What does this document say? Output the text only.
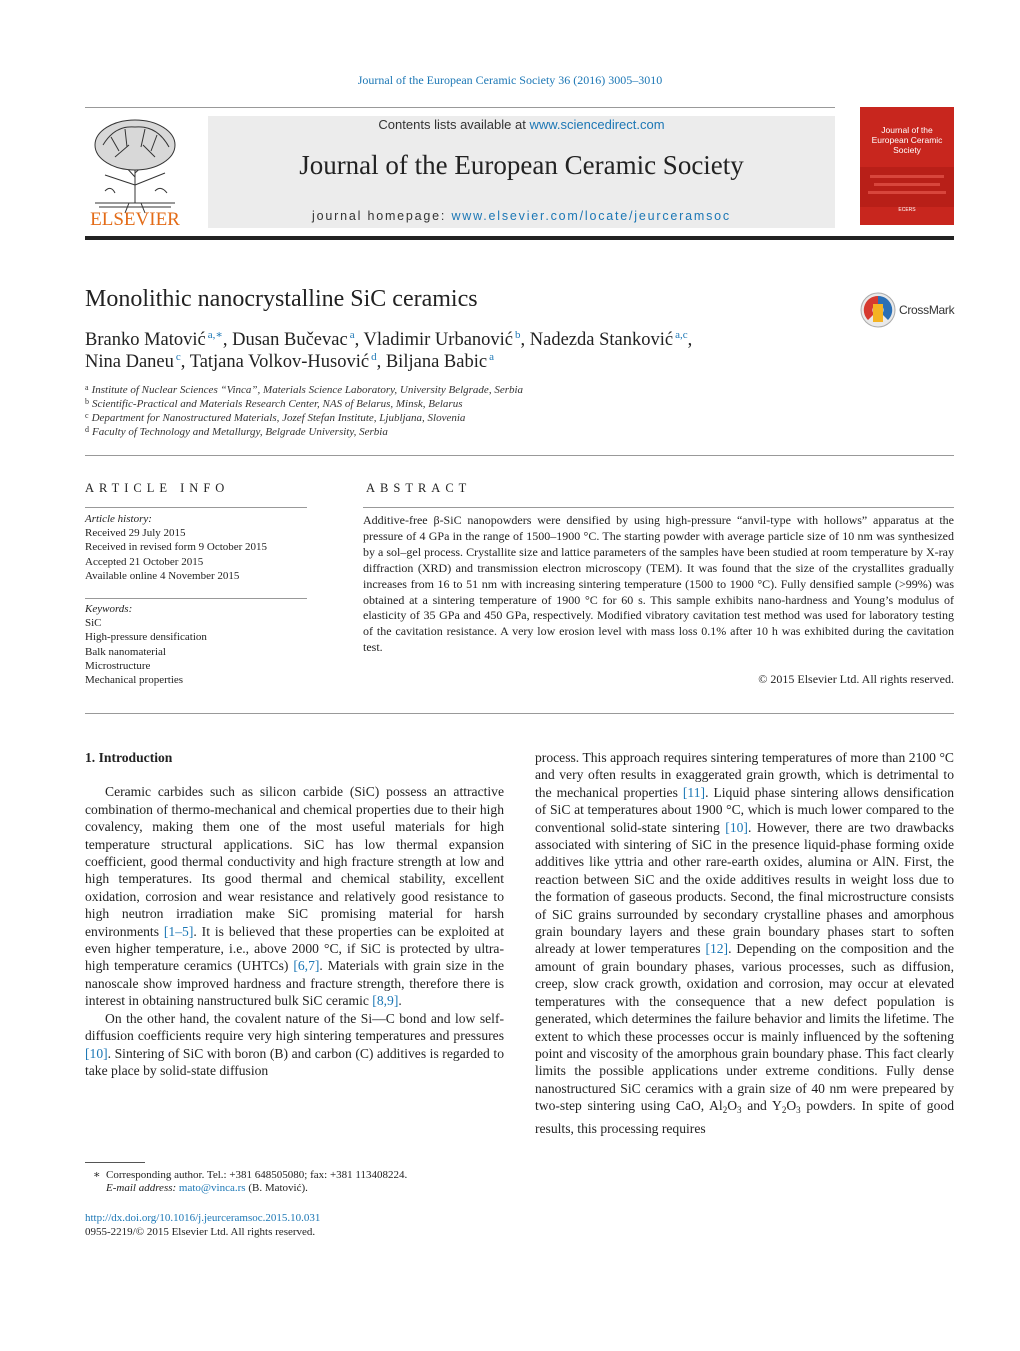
Journal of the European Ceramic Society 36 (2016) 3005–3010
ELSEVIER
Contents lists available at www.sciencedirect.com
Journal of the European Ceramic Society
journal homepage: www.elsevier.com/locate/jeurceramsoc
Journal of the European Ceramic Society
ECERS
Monolithic nanocrystalline SiC ceramics	CrossMark
Branko Matović $^{a,∗}$, Dusan Bučevac $^a$, Vladimir Urbanović $^b$, Nadezda Stanković $^{a,c}$,
Nina Daneu $^c$, Tatjana Volkov-Husović $^d$, Biljana Babic $^a$
$^a$ Institute of Nuclear Sciences “Vinca”, Materials Science Laboratory, University Belgrade, Serbia
$^b$ Scientific-Practical and Materials Research Center, NAS of Belarus, Minsk, Belarus
$^c$ Department for Nanostructured Materials, Jozef Stefan Institute, Ljubljana, Slovenia
$^d$ Faculty of Technology and Metallurgy, Belgrade University, Serbia
ARTICLE INFO	ABSTRACT
Article history:
Received 29 July 2015
Received in revised form 9 October 2015
Accepted 21 October 2015
Available online 4 November 2015
Keywords:
SiC
High-pressure densification
Balk nanomaterial
Microstructure
Mechanical properties
Additive-free β-SiC nanopowders were densified by using high-pressure “anvil-type with hollows” apparatus at the pressure of 4 GPa in the range of 1500–1900 °C. The starting powder with average particle size of 10 nm was synthesized by a sol–gel process. Crystallite size and lattice parameters of the samples have been studied at room temperature by X-ray diffraction (XRD) and transmission electron microscopy (TEM). It was found that the size of the crystallites gradually increases from 16 to 51 nm with increasing sintering temperature (1500 to 1900 °C). Fully densified sample (>99%) was obtained at a sintering temperature of 1900 °C for 60 s. This sample exhibits nano-hardness and Young’s modulus of elasticity of 35 GPa and 450 GPa, respectively. Modified vibratory cavitation test method was used for laboratory testing of the cavitation resistance. A very low erosion level with mass loss 0.1% after 10 h was exhibited during the cavitation test.
© 2015 Elsevier Ltd. All rights reserved.
1. Introduction

Ceramic carbides such as silicon carbide (SiC) possess an attractive combination of thermo-mechanical and chemical properties due to their high covalency, making them one of the most useful materials for high temperature structural applications. SiC has low thermal expansion coefficient, good thermal conductivity and high fracture strength at low and high temperatures. Its good thermal and chemical stability, excellent oxidation, corrosion and wear resistance and relatively good resistance to high neutron irradiation make SiC promising material for harsh environments [1–5]. It is believed that these properties can be exploited at even higher temperature, i.e., above 2000 °C, if SiC is protected by ultra-high temperature ceramics (UHTCs) [6,7]. Materials with grain size in the nanoscale show improved hardness and fracture strength, therefore there is interest in obtaining nanstructured bulk SiC ceramic [8,9].

On the other hand, the covalent nature of the Si—C bond and low self-diffusion coefficients require very high sintering temperatures and pressures [10]. Sintering of SiC with boron (B) and carbon (C) additives is regarded to take place by solid-state diffusion

process. This approach requires sintering temperatures of more than 2100 °C and very often results in exaggerated grain growth, which is detrimental to the mechanical properties [11]. Liquid phase sintering allows densification of SiC at temperatures about 1900 °C, which is much lower compared to the conventional solid-state sintering [10]. However, there are two drawbacks associated with sintering of SiC in the presence liquid-phase forming oxide additives like yttria and other rare-earth oxides, alumina or AlN. First, the reaction between SiC and the oxide additives results in weight loss due to the formation of gaseous products. Second, the final microstructure consists of SiC grains surrounded by secondary crystalline phases and amorphous grain boundary layers and these grain boundary phases start to soften already at lower temperatures [12]. Depending on the composition and the amount of grain boundary phases, various processes, such as diffusion, creep, slow crack growth, oxidation and corrosion, may occur at elevated temperatures with the consequence that a new defect population is generated, which determines the failure behavior and limits the lifetime. The extent to which these processes occur is mainly influenced by the softening point and viscosity of the amorphous grain boundary phase. This fact clearly limits the possible applications under extreme conditions. Fully dense nanostructured SiC ceramics with a grain size of 40 nm were prepeared by two-step sintering using CaO, $Al_2O_3$ and $Y_2O_3$ powders. In spite of good results, this processing requires

∗ Corresponding author. Tel.: +381 648505080; fax: +381 113408224.
E-mail address: mato@vinca.rs (B. Matović).
http://dx.doi.org/10.1016/j.jeurceramsoc.2015.10.031
0955-2219/© 2015 Elsevier Ltd. All rights reserved.
